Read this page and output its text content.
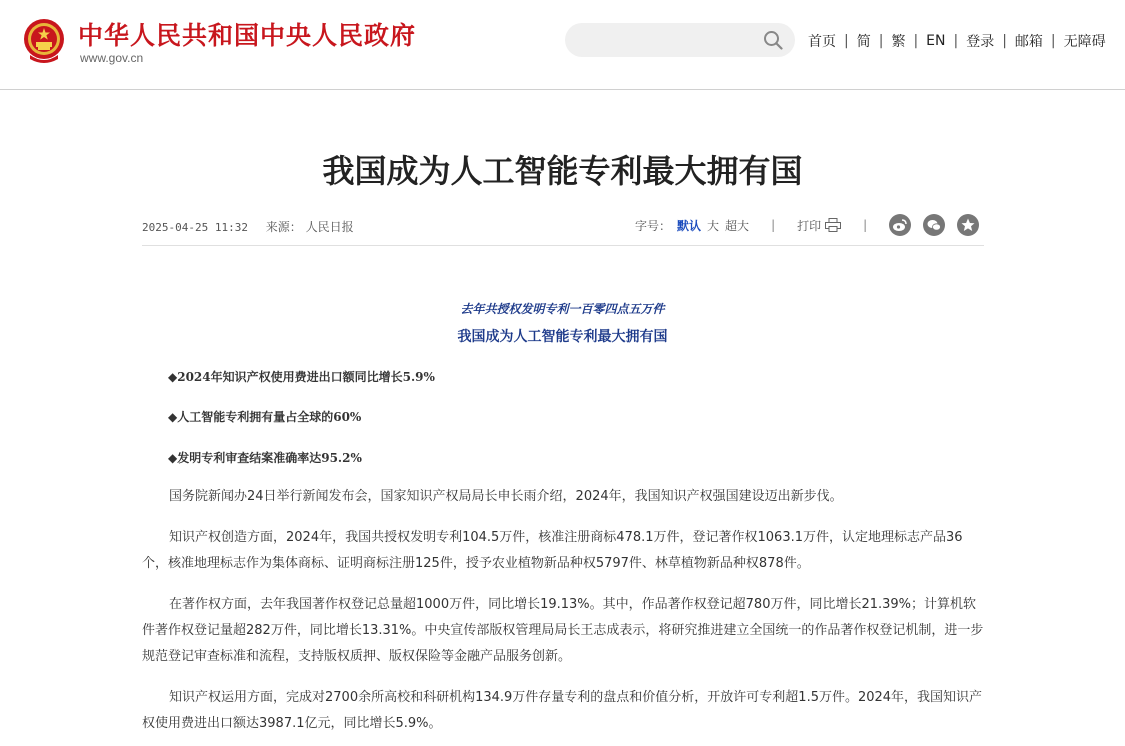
中华人民共和国中央人民政府
www.gov.cn
首页 | 简 | 繁 | EN | 登录 | 邮箱 | 无障碍
我国成为人工智能专利最大拥有国
2025-04-25 11:32 来源： 人民日报	字号： 默认 大 超大 | 打印	|
去年共授权发明专利一百零四点五万件
我国成为人工智能专利最大拥有国
◆2024年知识产权使用费进出口额同比增长5.9%
◆人工智能专利拥有量占全球的60%
◆发明专利审查结案准确率达95.2%

国务院新闻办24日举行新闻发布会，国家知识产权局局长申长雨介绍，2024年，我国知识产权强国建设迈出新步伐。

知识产权创造方面，2024年，我国共授权发明专利104.5万件，核准注册商标478.1万件，登记著作权1063.1万件，认定地理标志产品36个，核准地理标志作为集体商标、证明商标注册125件，授予农业植物新品种权5797件、林草植物新品种权878件。

在著作权方面，去年我国著作权登记总量超1000万件，同比增长19.13%。其中，作品著作权登记超780万件，同比增长21.39%；计算机软件著作权登记量超282万件，同比增长13.31%。中央宣传部版权管理局局长王志成表示，将研究推进建立全国统一的作品著作权登记机制，进一步规范登记审查标准和流程，支持版权质押、版权保险等金融产品服务创新。

知识产权运用方面，完成对2700余所高校和科研机构134.9万件存量专利的盘点和价值分析，开放许可专利超1.5万件。2024年，我国知识产权使用费进出口额达3987.1亿元，同比增长5.9%。
